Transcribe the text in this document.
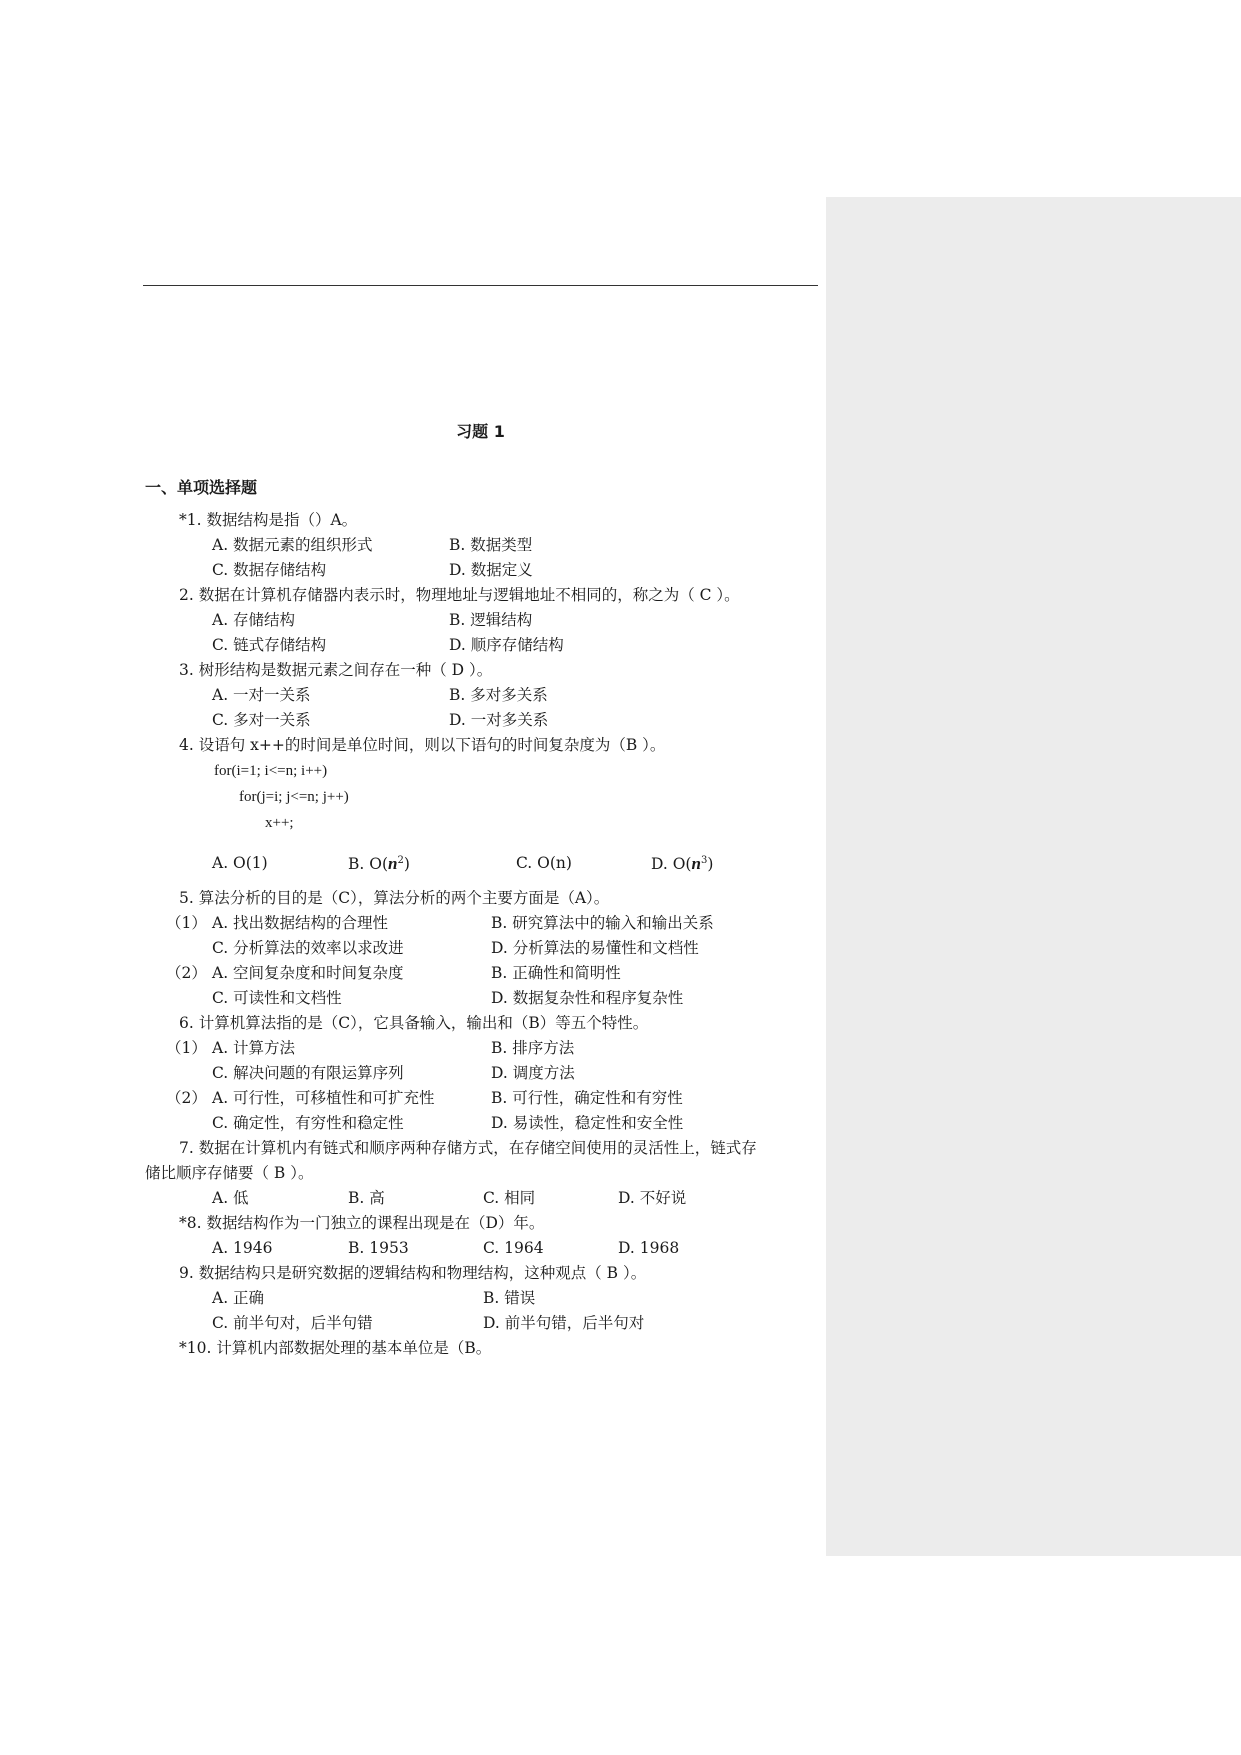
习题 1
一、单项选择题
*1. 数据结构是指（）A。
A. 数据元素的组织形式	B. 数据类型
C. 数据存储结构	D. 数据定义
2. 数据在计算机存储器内表示时，物理地址与逻辑地址不相同的，称之为（ C ）。
A. 存储结构	B. 逻辑结构
C. 链式存储结构	D. 顺序存储结构
3. 树形结构是数据元素之间存在一种（ D ）。
A. 一对一关系	B. 多对多关系
C. 多对一关系	D. 一对多关系
4. 设语句 x++的时间是单位时间，则以下语句的时间复杂度为（B ）。
for(i=1; i<=n; i++)
for(j=i; j<=n; j++)
x++;
A. O(1)	B. $O(n^2)$	C. O(n)	D. $O(n^3)$
5. 算法分析的目的是（C），算法分析的两个主要方面是（A）。
（1） A. 找出数据结构的合理性	B. 研究算法中的输入和输出关系
C. 分析算法的效率以求改进	D. 分析算法的易懂性和文档性
（2） A. 空间复杂度和时间复杂度	B. 正确性和简明性
C. 可读性和文档性	D. 数据复杂性和程序复杂性
6. 计算机算法指的是（C），它具备输入，输出和（B）等五个特性。
（1） A. 计算方法	B. 排序方法
C. 解决问题的有限运算序列	D. 调度方法
（2） A. 可行性，可移植性和可扩充性	B. 可行性，确定性和有穷性
C. 确定性，有穷性和稳定性	D. 易读性，稳定性和安全性
7. 数据在计算机内有链式和顺序两种存储方式，在存储空间使用的灵活性上，链式存
储比顺序存储要（ B ）。
A. 低	B. 高	C. 相同	D. 不好说
*8. 数据结构作为一门独立的课程出现是在（D）年。
A. 1946	B. 1953	C. 1964	D. 1968
9. 数据结构只是研究数据的逻辑结构和物理结构，这种观点（ B ）。
A. 正确	B. 错误
C. 前半句对，后半句错	D. 前半句错，后半句对
*10. 计算机内部数据处理的基本单位是（B。
